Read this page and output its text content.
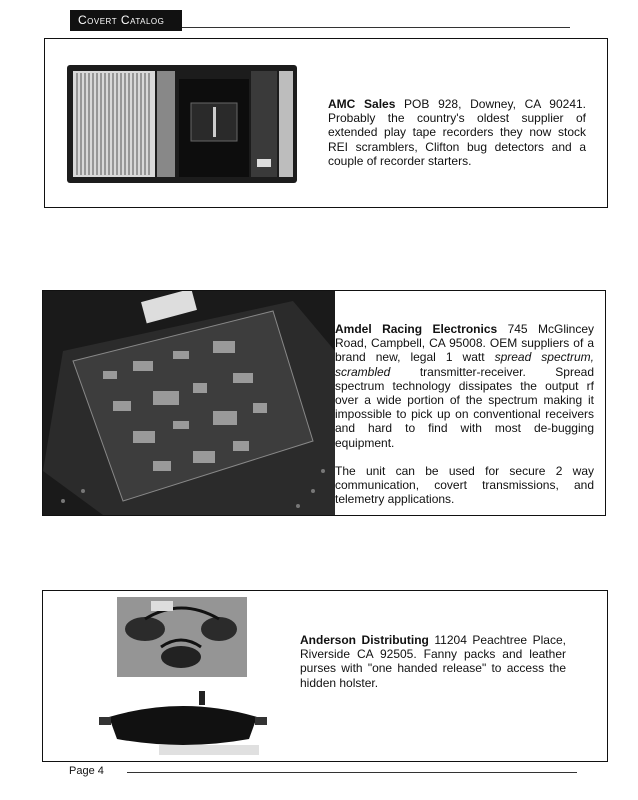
Covert Catalog

AMC Sales POB 928, Downey, CA 90241. Probably the country's oldest supplier of extended play tape recorders they now stock REI scramblers, Clifton bug detectors and a couple of recorder starters.

Amdel Racing Electronics 745 McGlincey Road, Campbell, CA 95008. OEM suppliers of a brand new, legal 1 watt spread spectrum, scrambled transmitter-receiver. Spread spectrum technology dissipates the output rf over a wide portion of the spectrum making it impossible to pick up on conventional receivers and hard to find with most de-bugging equipment.

The unit can be used for secure 2 way communication, covert transmissions, and telemetry applications.

Anderson Distributing 11204 Peachtree Place, Riverside CA 92505. Fanny packs and leather purses with "one handed release" to access the hidden holster.

Page 4
